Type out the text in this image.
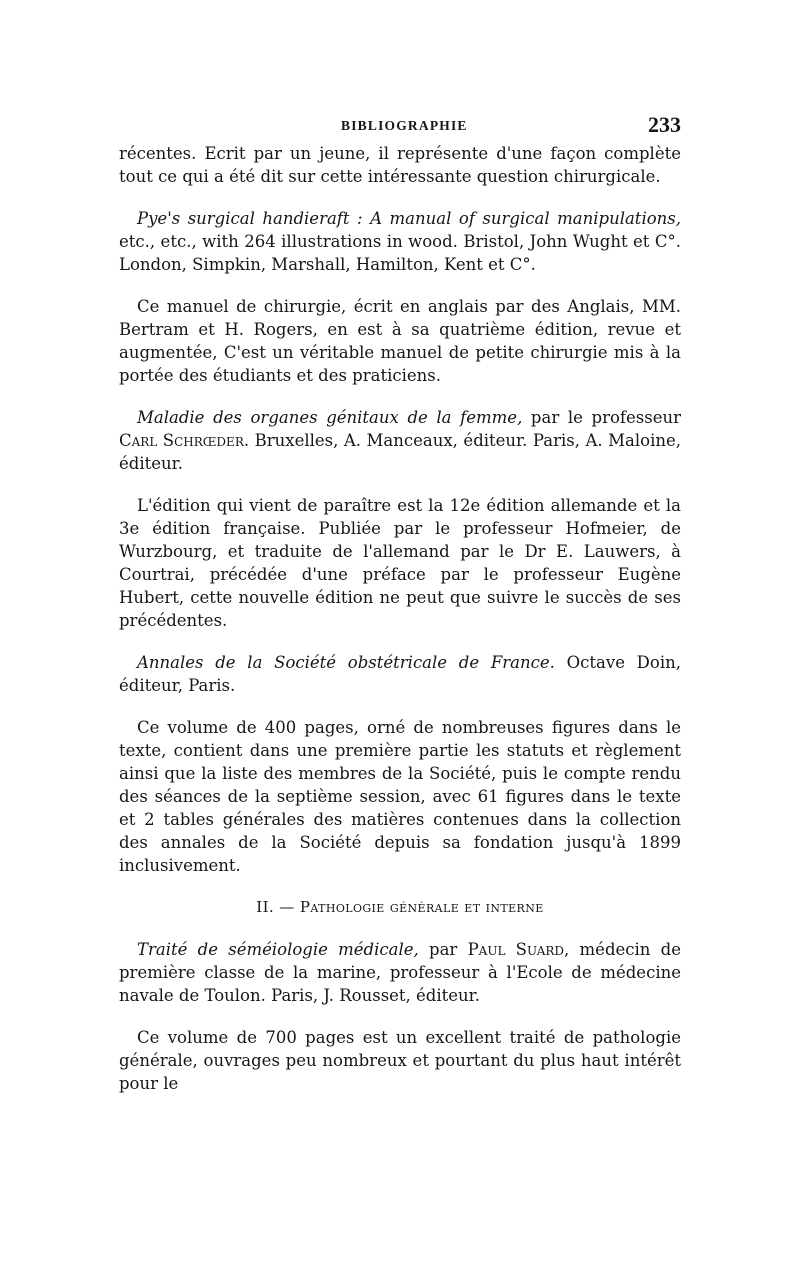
BIBLIOGRAPHIE	233

récentes. Ecrit par un jeune, il représente d'une façon complète tout ce qui a été dit sur cette intéressante question chirurgicale.

Pye's surgical handieraft : A manual of surgical manipulations, etc., etc., with 264 illustrations in wood. Bristol, John Wught et C°. London, Simpkin, Marshall, Hamilton, Kent et C°.

Ce manuel de chirurgie, écrit en anglais par des Anglais, MM. Bertram et H. Rogers, en est à sa quatrième édition, revue et augmentée, C'est un véritable manuel de petite chirurgie mis à la portée des étudiants et des praticiens.

Maladie des organes génitaux de la femme, par le professeur Carl Schrœder. Bruxelles, A. Manceaux, éditeur. Paris, A. Maloine, éditeur.

L'édition qui vient de paraître est la 12e édition allemande et la 3e édition française. Publiée par le professeur Hofmeier, de Wurzbourg, et traduite de l'allemand par le Dr E. Lauwers, à Courtrai, précédée d'une préface par le professeur Eugène Hubert, cette nouvelle édition ne peut que suivre le succès de ses précédentes.

Annales de la Société obstétricale de France. Octave Doin, éditeur, Paris.

Ce volume de 400 pages, orné de nombreuses figures dans le texte, contient dans une première partie les statuts et règlement ainsi que la liste des membres de la Société, puis le compte rendu des séances de la septième session, avec 61 figures dans le texte et 2 tables générales des matières contenues dans la collection des annales de la Société depuis sa fondation jusqu'à 1899 inclusivement.

II. — Pathologie générale et interne

Traité de séméiologie médicale, par Paul Suard, médecin de première classe de la marine, professeur à l'Ecole de médecine navale de Toulon. Paris, J. Rousset, éditeur.

Ce volume de 700 pages est un excellent traité de pathologie générale, ouvrages peu nombreux et pourtant du plus haut intérêt pour le
